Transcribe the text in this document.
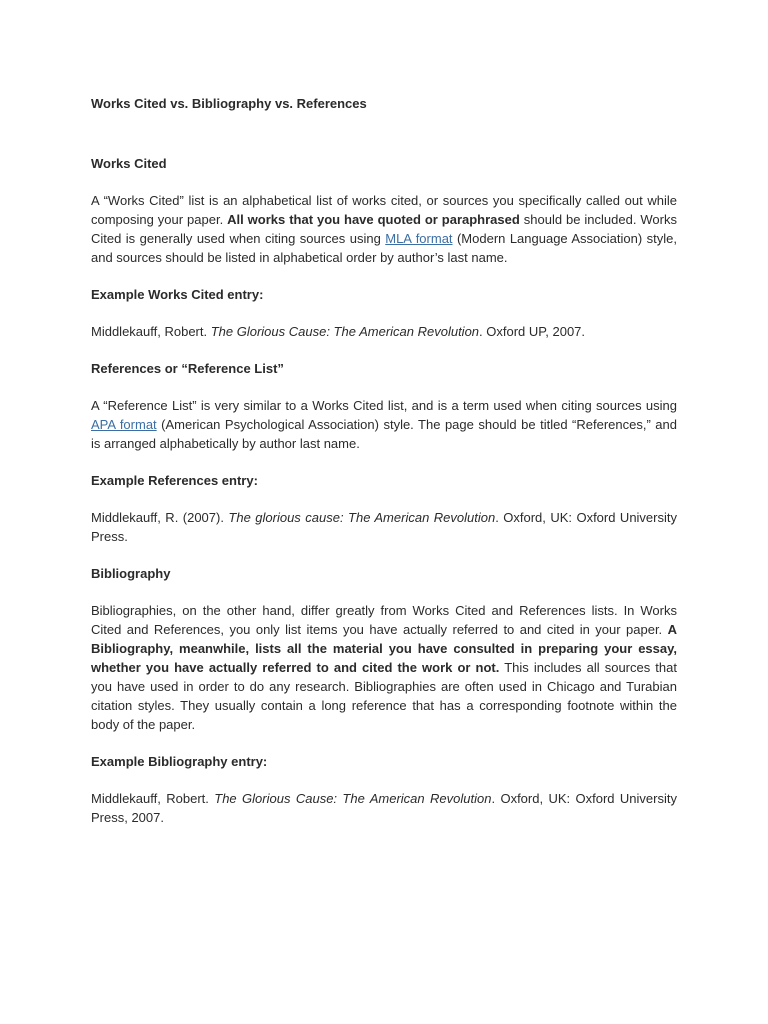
Works Cited vs. Bibliography vs. References

Works Cited

A “Works Cited” list is an alphabetical list of works cited, or sources you specifically called out while composing your paper. All works that you have quoted or paraphrased should be included. Works Cited is generally used when citing sources using MLA format (Modern Language Association) style, and sources should be listed in alphabetical order by author’s last name.

Example Works Cited entry:

Middlekauff, Robert. The Glorious Cause: The American Revolution. Oxford UP, 2007.

References or “Reference List”

A “Reference List” is very similar to a Works Cited list, and is a term used when citing sources using APA format (American Psychological Association) style. The page should be titled “References,” and is arranged alphabetically by author last name.

Example References entry:

Middlekauff, R. (2007). The glorious cause: The American Revolution. Oxford, UK: Oxford University Press.

Bibliography

Bibliographies, on the other hand, differ greatly from Works Cited and References lists. In Works Cited and References, you only list items you have actually referred to and cited in your paper. A Bibliography, meanwhile, lists all the material you have consulted in preparing your essay, whether you have actually referred to and cited the work or not. This includes all sources that you have used in order to do any research. Bibliographies are often used in Chicago and Turabian citation styles. They usually contain a long reference that has a corresponding footnote within the body of the paper.

Example Bibliography entry:

Middlekauff, Robert. The Glorious Cause: The American Revolution. Oxford, UK: Oxford University Press, 2007.
